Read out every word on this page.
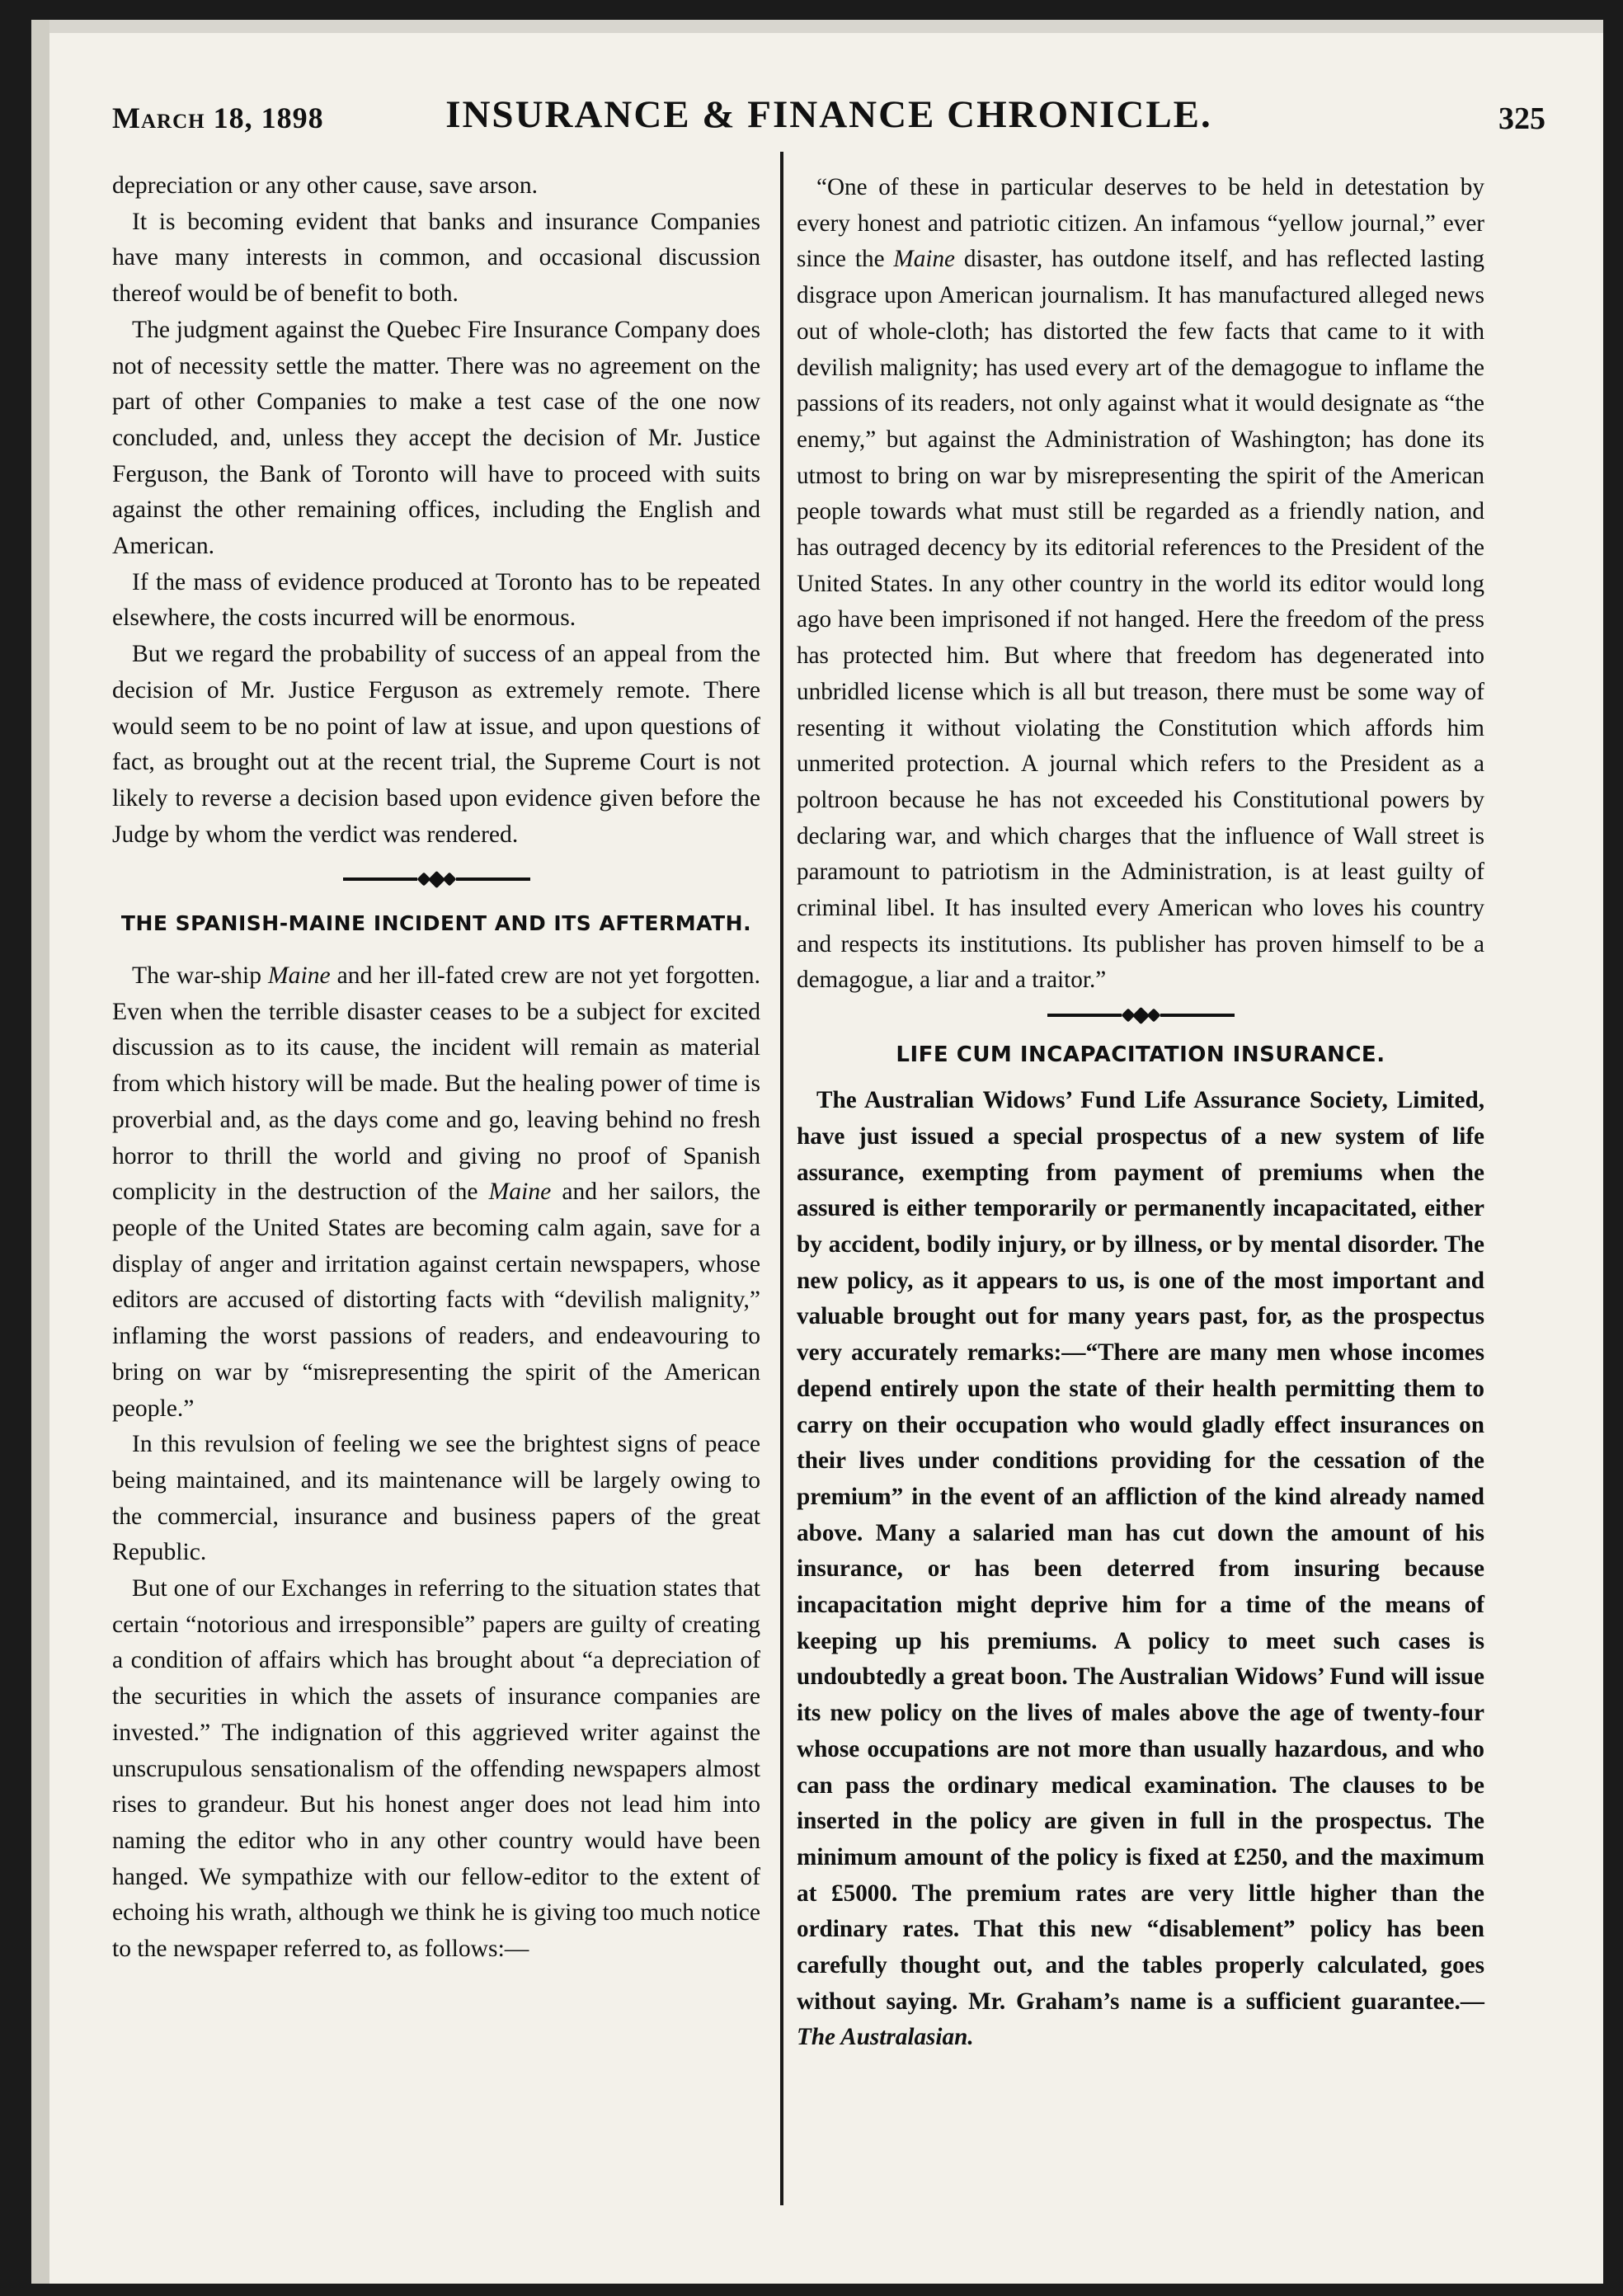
March 18, 1898	INSURANCE & FINANCE CHRONICLE.	325

depreciation or any other cause, save arson.

It is becoming evident that banks and insurance Companies have many interests in common, and occasional discussion thereof would be of benefit to both.

The judgment against the Quebec Fire Insurance Company does not of necessity settle the matter. There was no agreement on the part of other Companies to make a test case of the one now concluded, and, unless they accept the decision of Mr. Justice Ferguson, the Bank of Toronto will have to proceed with suits against the other remaining offices, including the English and American.

If the mass of evidence produced at Toronto has to be repeated elsewhere, the costs incurred will be enormous.

But we regard the probability of success of an appeal from the decision of Mr. Justice Ferguson as extremely remote. There would seem to be no point of law at issue, and upon questions of fact, as brought out at the recent trial, the Supreme Court is not likely to reverse a decision based upon evidence given before the Judge by whom the verdict was rendered.

THE SPANISH-MAINE INCIDENT AND ITS AFTERMATH.

The war-ship Maine and her ill-fated crew are not yet forgotten. Even when the terrible disaster ceases to be a subject for excited discussion as to its cause, the incident will remain as material from which history will be made. But the healing power of time is proverbial and, as the days come and go, leaving behind no fresh horror to thrill the world and giving no proof of Spanish complicity in the destruction of the Maine and her sailors, the people of the United States are becoming calm again, save for a display of anger and irritation against certain newspapers, whose editors are accused of distorting facts with “devilish malignity,” inflaming the worst passions of readers, and endeavouring to bring on war by “misrepresenting the spirit of the American people.”

In this revulsion of feeling we see the brightest signs of peace being maintained, and its maintenance will be largely owing to the commercial, insurance and business papers of the great Republic.

But one of our Exchanges in referring to the situation states that certain “notorious and irresponsible” papers are guilty of creating a condition of affairs which has brought about “a depreciation of the securities in which the assets of insurance companies are invested.” The indignation of this aggrieved writer against the unscrupulous sensationalism of the offending newspapers almost rises to grandeur. But his honest anger does not lead him into naming the editor who in any other country would have been hanged. We sympathize with our fellow-editor to the extent of echoing his wrath, although we think he is giving too much notice to the newspaper referred to, as follows:—

“One of these in particular deserves to be held in detestation by every honest and patriotic citizen. An infamous “yellow journal,” ever since the Maine disaster, has outdone itself, and has reflected lasting disgrace upon American journalism. It has manufactured alleged news out of whole-cloth; has distorted the few facts that came to it with devilish malignity; has used every art of the demagogue to inflame the passions of its readers, not only against what it would designate as “the enemy,” but against the Administration of Washington; has done its utmost to bring on war by misrepresenting the spirit of the American people towards what must still be regarded as a friendly nation, and has outraged decency by its editorial references to the President of the United States. In any other country in the world its editor would long ago have been imprisoned if not hanged. Here the freedom of the press has protected him. But where that freedom has degenerated into unbridled license which is all but treason, there must be some way of resenting it without violating the Constitution which affords him unmerited protection. A journal which refers to the President as a poltroon because he has not exceeded his Constitutional powers by declaring war, and which charges that the influence of Wall street is paramount to patriotism in the Administration, is at least guilty of criminal libel. It has insulted every American who loves his country and respects its institutions. Its publisher has proven himself to be a demagogue, a liar and a traitor.”

LIFE CUM INCAPACITATION INSURANCE.

The Australian Widows’ Fund Life Assurance Society, Limited, have just issued a special prospectus of a new system of life assurance, exempting from payment of premiums when the assured is either temporarily or permanently incapacitated, either by accident, bodily injury, or by illness, or by mental disorder. The new policy, as it appears to us, is one of the most important and valuable brought out for many years past, for, as the prospectus very accurately remarks:—“There are many men whose incomes depend entirely upon the state of their health permitting them to carry on their occupation who would gladly effect insurances on their lives under conditions providing for the cessation of the premium” in the event of an affliction of the kind already named above. Many a salaried man has cut down the amount of his insurance, or has been deterred from insuring because incapacitation might deprive him for a time of the means of keeping up his premiums. A policy to meet such cases is undoubtedly a great boon. The Australian Widows’ Fund will issue its new policy on the lives of males above the age of twenty-four whose occupations are not more than usually hazardous, and who can pass the ordinary medical examination. The clauses to be inserted in the policy are given in full in the prospectus. The minimum amount of the policy is fixed at £250, and the maximum at £5000. The premium rates are very little higher than the ordinary rates. That this new “disablement” policy has been carefully thought out, and the tables properly calculated, goes without saying. Mr. Graham’s name is a sufficient guarantee.—The Australasian.
